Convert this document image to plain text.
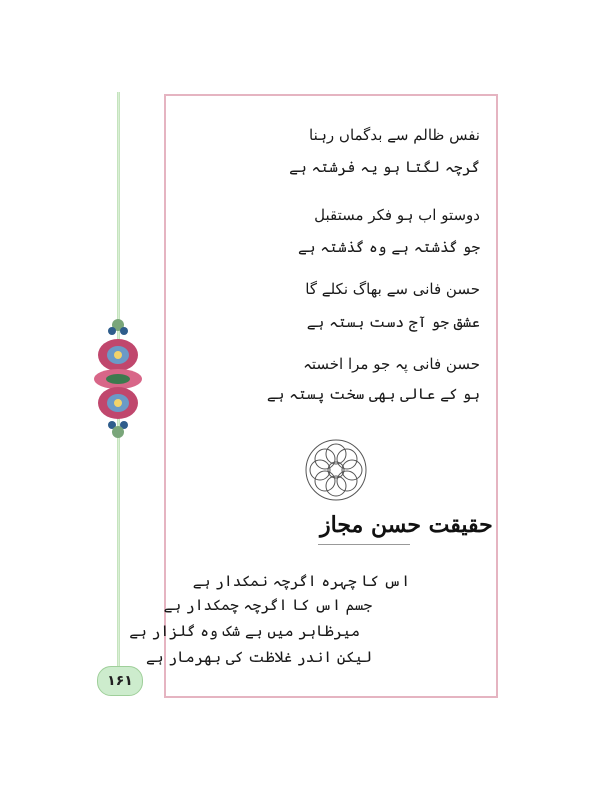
۱۶۱
نفس ظالم سے بدگماں رہنا
گرچہ لگتا ہو یہ فرشتہ ہے
دوستو اب ہو فکر مستقبل
جو گذشتہ ہے وہ گذشتہ ہے
حسن فانی سے بھاگ نکلے گا
عشق جو آج دست بستہ ہے
حسن فانی پہ جو مرا اخستہ
ہو کے عالی بھی سخت پستہ ہے
اس کا چہرہ اگرچہ نمکدار ہے
جسم اس کا اگرچہ چمکدار ہے
میرظاہر میں بے شک وہ گلزار ہے
لیکن اندر غلاظت کی بھرمار ہے
حقیقت حسن مجاز
